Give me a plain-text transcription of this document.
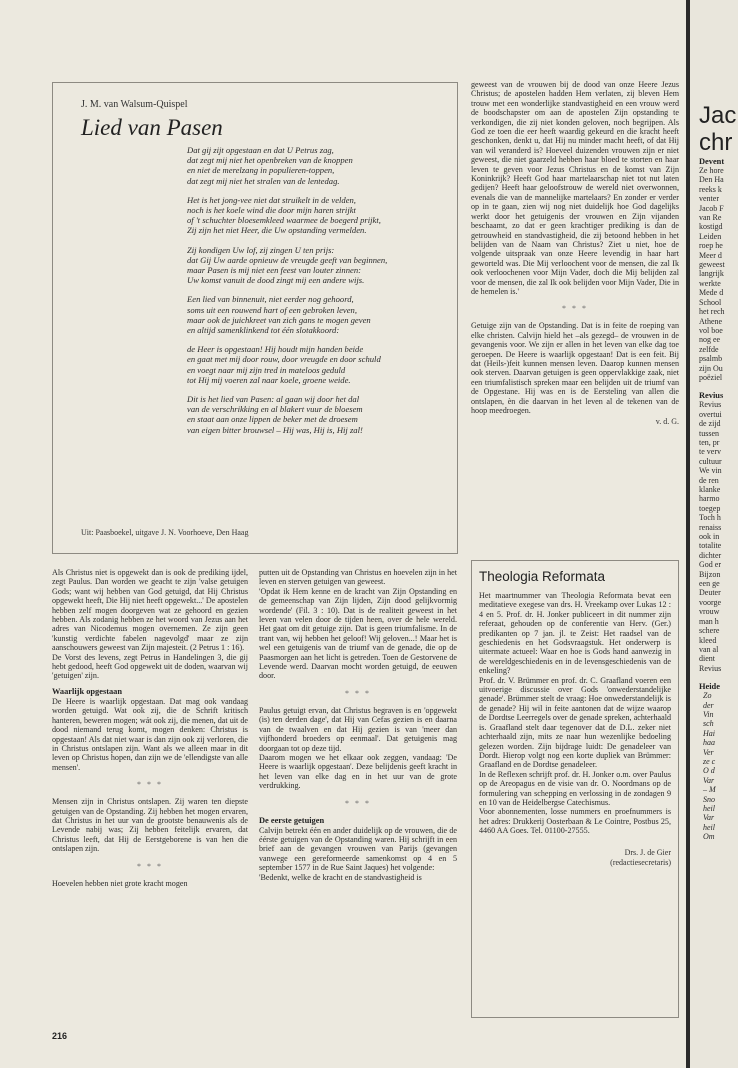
J. M. van Walsum-Quispel
Lied van Pasen
Dat gij zijt opgestaan en dat U Petrus zag,
dat zegt mij niet het openbreken van de knoppen
en niet de merelzang in populieren-toppen,
dat zegt mij niet het stralen van de lentedag.
Het is het jong-vee niet dat struikelt in de velden,
noch is het koele wind die door mijn haren strijkt
of 't schuchter bloesemkleed waarmee de boegerd prijkt,
Zij zijn het niet Heer, die Uw opstanding vermelden.
Zij kondigen Uw lof, zij zingen U ten prijs:
dat Gij Uw aarde opnieuw de vreugde geeft van beginnen,
maar Pasen is mij niet een feest van louter zinnen:
Uw komst vanuit de dood zingt mij een andere wijs.
Een lied van binnenuit, niet eerder nog gehoord,
soms uit een rouwend hart of een gebroken leven,
maar ook de juichkreet van zich gans te mogen geven
en altijd samenklinkend tot één slotakkoord:
de Heer is opgestaan! Hij houdt mijn handen beide
en gaat met mij door rouw, door vreugde en door schuld
en voegt naar mij zijn tred in mateloos geduld
tot Hij mij voeren zal naar koele, groene weide.
Dit is het lied van Pasen: al gaan wij door het dal
van de verschrikking en al blakert vuur de bloesem
en staat aan onze lippen de beker met de droesem
van eigen bitter brouwsel – Hij was, Hij is, Hij zal!
Uit: Paasboekel, uitgave J. N. Voorhoeve, Den Haag

Als Christus niet is opgewekt dan is ook de prediking ijdel, zegt Paulus. Dan worden we geacht te zijn 'valse getuigen Gods; want wij hebben van God getuigd, dat Hij Christus opgewekt heeft, Die Hij niet heeft opgewekt...' De apostelen hebben zelf mogen doorgeven wat ze gehoord en gezien hebben. Als zodanig hebben ze het woord van Jezus aan het adres van Nicodemus mogen overnemen. Ze zijn geen 'kunstig verdichte fabelen nagevolgd' maar ze zijn aanschouwers geweest van Zijn majesteit. (2 Petrus 1 : 16).

De Vorst des levens, zegt Petrus in Handelingen 3, die gij hebt gedood, heeft God opgewekt uit de doden, waarvan wij 'getuigen' zijn.

Waarlijk opgestaan

De Heere is waarlijk opgestaan. Dat mag ook vandaag worden getuigd. Wat ook zij, die de Schrift kritisch hanteren, beweren mogen; wát ook zij, die menen, dat uit de dood niemand terug komt, mogen denken: Christus is opgestaan! Als dat niet waar is dan zijn ook zij verloren, die in Christus ontslapen zijn. Want als we alleen maar in dit leven op Christus hopen, dan zijn we de 'ellendigste van alle mensen'.

* * *

Mensen zijn in Christus ontslapen. Zij waren ten diepste getuigen van de Opstanding. Zij hebben het mogen ervaren, dat Christus in het uur van de grootste benauwenis als de Levende nabij was; Zij hebben feitelijk ervaren, dat Christus leeft, dat Hij de Eerstgeborene is van hen die ontslapen zijn.

* * *

Hoevelen hebben niet grote kracht mogen

putten uit de Opstanding van Christus en hoevelen zijn in het leven en sterven getuigen van geweest.

'Opdat ik Hem kenne en de kracht van Zijn Opstanding en de gemeenschap van Zijn lijden, Zijn dood gelijkvormig wordende' (Fil. 3 : 10). Dat is de realiteit geweest in het leven van velen door de tijden heen, over de hele wereld. Het gaat om dit getuige zijn. Dat is geen triumfalisme. In de trant van, wij hebben het geloof! Wij geloven...! Maar het is wel een getuigenis van de triumf van de genade, die op de Paasmorgen aan het licht is getreden. Toen de Gestorvene de Levende werd. Daarvan mocht worden getuigd, de eeuwen door.

* * *

Paulus getuigt ervan, dat Christus begraven is en 'opgewekt (is) ten derden dage', dat Hij van Cefas gezien is en daarna van de twaalven en dat Hij gezien is van 'meer dan vijfhonderd broeders op eenmaal'. Dat getuigenis mag doorgaan tot op deze tijd.

Daarom mogen we het elkaar ook zeggen, vandaag: 'De Heere is waarlijk opgestaan'. Deze belijdenis geeft kracht in het leven van elke dag en in het uur van de grote verdrukking.

* * *
De eerste getuigen

Calvijn betrekt één en ander duidelijk op de vrouwen, die de éérste getuigen van de Opstanding waren. Hij schrijft in een brief aan de gevangen vrouwen van Parijs (gevangen vanwege een gereformeerde samenkomst op 4 en 5 september 1577 in de Rue Saint Jaques) het volgende:

'Bedenkt, welke de kracht en de standvastigheid is

geweest van de vrouwen bij de dood van onze Heere Jezus Christus; de apostelen hadden Hem verlaten, zij bleven Hem trouw met een wonderlijke standvastigheid en een vrouw werd de boodschapster om aan de apostelen Zijn opstanding te verkondigen, die zij niet konden geloven, noch begrijpen. Als God ze toen die eer heeft waardig gekeurd en die kracht heeft geschonken, denkt u, dat Hij nu minder macht heeft, of dat Hij van wil veranderd is? Hoeveel duizenden vrouwen zijn er niet geweest, die niet gaarzeld hebben haar bloed te storten en haar leven te geven voor Jezus Christus en de komst van Zijn Koninkrijk? Heeft God haar martelaarschap niet tot nut laten gedijen? Heeft haar geloofstrouw de wereld niet overwonnen, evenals die van de mannelijke martelaars? En zonder er verder op in te gaan, zien wij nog niet duidelijk hoe God dagelijks werkt door het getuigenis der vrouwen en Zijn vijanden beschaamt, zo dat er geen krachtiger prediking is dan de getrouwheid en standvastigheid, die zij betoond hebben in het belijden van de Naam van Christus? Ziet u niet, hoe de volgende uitspraak van onze Heere levendig in haar hart geworteld was. Die Mij verloochent voor de mensen, die zal Ik ook verloochenen voor Mijn Vader, doch die Mij belijden zal voor de mensen, die zal Ik ook belijden voor Mijn Vader, Die in de hemelen is.'

* * *

Getuige zijn van de Opstanding. Dat is in feite de roeping van elke christen. Calvijn hield het –als gezegd– de vrouwen in de gevangenis voor. We zijn er allen in het leven van elke dag toe geroepen. De Heere is waarlijk opgestaan! Dat is een feit. Bij dat (Heils-)feit kunnen mensen leven. Daarop kunnen mensen ook sterven. Daarvan getuigen is geen oppervlakkige zaak, niet een triumfalistisch spreken maar een belijden uit de triumf van de Opgestane. Hij was en is de Eersteling van allen die ontslapen, èn die daarvan in het leven al de tekenen van de hoop meedroegen.

v. d. G.
Theologia Reformata

Het maartnummer van Theologia Reformata bevat een meditatieve exegese van drs. H. Vreekamp over Lukas 12 : 4 en 5. Prof. dr. H. Jonker publiceert in dit nummer zijn referaat, gehouden op de conferentie van Herv. (Ger.) predikanten op 7 jan. jl. te Zeist: Het raadsel van de geschiedenis en het Godsvraagstuk. Het onderwerp is uitermate actueel: Waar en hoe is Gods hand aanwezig in de wereldgeschiedenis en in de levensgeschiedenis van de enkeling?

Prof. dr. V. Brümmer en prof. dr. C. Graafland voeren een uitvoerige discussie over Gods 'onwederstandelijke genade'. Brümmer stelt de vraag: Hoe onwederstandelijk is de genade? Hij wil in feite aantonen dat de wijze waarop de Dordtse Leerregels over de genade spreken, achterhaald is. Graafland stelt daar tegenover dat de D.L. zeker niet achterhaald zijn, mits ze naar hun wezenlijke bedoeling gelezen worden. Zijn bijdrage luidt: De genadeleer van Dordt. Hierop volgt nog een korte dupliek van Brümmer: Graafland en de Dordtse genadeleer.

In de Reflexen schrijft prof. dr. H. Jonker o.m. over Paulus op de Areopagus en de visie van dr. O. Noordmans op de formulering van schepping en verlossing in de zondagen 9 en 10 van de Heidelbergse Catechismus.

Voor abonnementen, losse nummers en proefnummers is het adres: Drukkerij Oosterbaan & Le Cointre, Postbus 25, 4460 AA Goes. Tel. 01100-27555.

Drs. J. de Gier
(redactiesecretaris)
216
Jac
chr
Devent
Ze hore
Den Ha
reeks k
venter
Jacob F
van Re
kostigd
Leiden
roep he
Meer d
geweest
langrijk
werkte
Mede d
School
het rech
Athene
vol boe
nog ee
zelfde
psalmb
zijn Ou
poëziel
Revius
Revius
overtui
de zijd
tussen
ten, pr
te verv
cultuur
We vin
de ren
klanke
harmo
toegep
Toch h
renaiss
ook in
totalite
dichter
God er
Bijzon
een ge
Deuter
voorge
vrouw
man h
schere
kleed
van al
dient
Revius
Heide
Zo
der
Vin
sch
Hai
haa
Ver
ze c
O d
Var
– M
Sno
heil
Var
heil
Om
